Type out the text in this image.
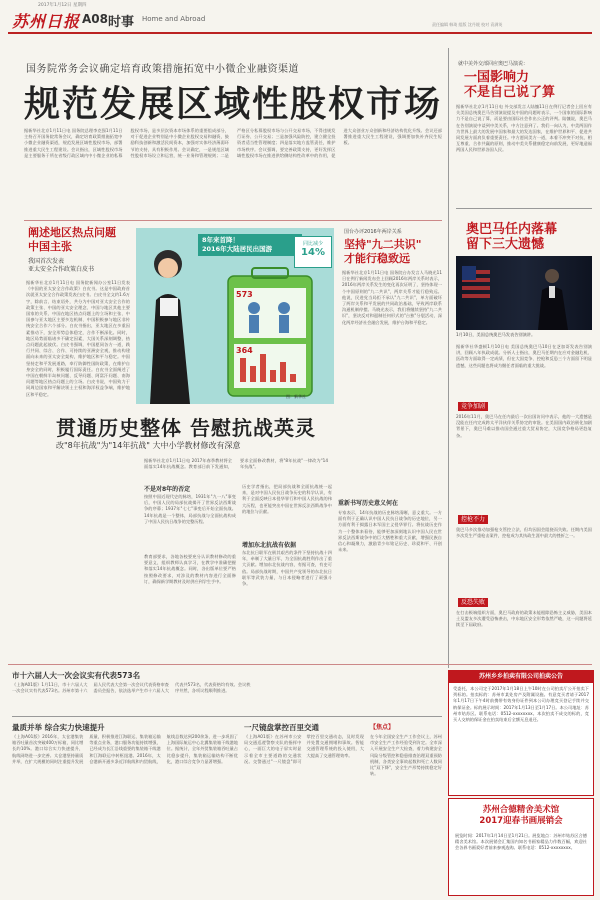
2017年1月12日 星期四
苏州日报 A08 时事 Home and Abroad
责任编辑 韩琦 组版 沈丹媛 校对 袁满英
国务院常务会议确定培育政策措施拓宽中小微企业融资渠道
规范发展区域性股权市场
据新华社北京1月11日电 国务院总理李克强1月11日主持召开国务院常务会议，确定培育政策措施拓宽中小微企业融资渠道，规范发展区域性股权市场，部署推进重大民生工程建设。会议指出，区域性股权市场是主要服务于所在省级行政区域内中小微企业的私募股权市场，是多层次资本市场体系的重要组成部分，对于促进企业特别是中小微企业股权交易和融资，鼓励科技创新和激活民间资本，加强对实体经济薄弱环节的支持，具有积极作用。会议确定，一是规范区域性股权市场设立和运营，统一业务和管理规则；二是严格区分私募股权市场与公开交易市场，不得违规发行证券、公开交易；三是加强风险防控，建立健全投资者适当性管理制度；四是落实地方监管责任，维护市场秩序。会议强调，要完善政策支持，更好发挥区域性股权市场在推进供给侧结构性改革中的作用，促进大众创业万众创新和经济结构优化升级。会议还部署推进重大民生工程建设，强调要加快补齐民生短板。
就中美外交部回应奥巴马演说：
一国影响力
不是自己说了算
据新华社北京1月11日电 外交部发言人陆慷11日在例行记者会上回应有关美国总统奥巴马告别演说提及中国的问题时表示，一个国家的国际影响力不是自己说了算，而是要由国际社会作出公正的评判。陆慷说，奥巴马在告别演说中谈到中美关系，中方注意到了。我们一向认为，中美两国作为世界上最大的发展中国家和最大的发达国家，在维护世界和平、促进共同发展方面肩负着重要责任。中方愿同美方一道，本着不冲突不对抗、相互尊重、合作共赢的原则，推动中美关系健康稳定向前发展，更好地造福两国人民和世界各国人民。
奥巴马任内落幕
留下三大遗憾
1月10日，美国总统奥巴马发表告别演讲。
据新华社华盛顿1月10日电 美国总统奥巴马10日在芝加哥发表告别演讲，回顾八年执政成就。分析人士指出，奥巴马任期内在应对金融危机、医改等方面取得一定成绩，但在大国竞争、控枪和反恐三个方面留下明显遗憾，这些问题也将成为继任者面临的重大挑战。
竞争加剧
2016年11月，奥巴马在任内最后一次出国访问中表示，他的一大遗憾是没能在任内完成跨太平洋伙伴关系协定的审批。在美国国内政治极化加剧背景下，奥巴马难以推动国会通过重大贸易协定，大国竞争格局更趋复杂。
控枪不力
奥巴马多次推动加强枪支管控立法，但均因国会阻挠而失败。任期内美国多次发生严重枪击案件，控枪成为其执政生涯中最大的挫折之一。
反恐失败
在打击极端组织方面，奥巴马政府的政策未能根除恐怖主义威胁，美国本土及盟友多次遭受恐怖袭击，中东地区安全形势依然严峻，这一问题将延续至下届政府。
阐述地区热点问题
中国主张
我国首次发表
亚太安全合作政策白皮书
据新华社北京1月11日电 国务院新闻办公室11日发表《中国的亚太安全合作政策》白皮书。这是中国政府首次就亚太安全合作政策发表白皮书。白皮书全文约1.6万字，除前言、结束语外，共分为中国对亚太安全合作的政策主张、中国的亚太安全理念、中国与地区其他主要国家的关系、中国在地区热点问题上的立场和主张、中国参与亚太地区主要多边机制、中国积极参与地区非传统安全合作六个部分。白皮书指出，亚太地区在多重因素推动下，安全形势总体稳定，合作不断深化。同时，地区局势面临诸多不确定因素，大国关系深刻调整，热点问题此起彼伏。白皮书强调，中国愿同各方一道，践行共同、综合、合作、可持续的亚洲安全观，推动构建面向未来的亚太安全架构，维护地区和平与稳定。中国坚持走和平发展道路，奉行防御性国防政策，在维护自身安全的同时，积极履行国际责任。白皮书全面阐述了中国在朝鲜半岛核问题、反导问题、阿富汗问题、南海问题等地区热点问题上的立场。白皮书说，中国致力于同周边国家和平解决领土主权和海洋权益争端，维护地区和平稳定。
8年来首降！
2016年大陆居民出国游
同比减少
14%
573
364
图：新华社
国台办评2016年两岸关系
坚持"九二共识"
才能行稳致远
据新华社北京1月11日电 国务院台办发言人马晓光11日在例行新闻发布会上回顾2016年两岸关系时表示，2016年两岸关系发生的变化再次证明了，坚持体现一个中国原则的"九二共识"，两岸关系才能行稳致远。他说，民进党当局拒不承认"九二共识"，单方面破坏了两岸关系和平发展的共同政治基础，导致两岸联系沟通机制停摆。马晓光表示，我们将继续坚持"九二共识"，坚决反对和遏制任何形式的"台独"分裂活动，深化两岸经济社会融合发展，维护台海和平稳定。
贯通历史整体 告慰抗战英灵
改"8年抗战"为"14年抗战" 大中小学教材修改有深意
据新华社北京1月11日电 2017年春季教材将全面落实14年抗战概念。教育部日前下发通知，要求全面修改教材，将"8年抗战"一律改为"14年抗战"。
不是对8年的否定
按照中国近现代史的脉络，1931年"九一八"事变后，中国人民的局部抗战揭开了世界反法西斯战争的序幕；1937年"七七"事变后开始全面抗战。14年抗战是一个整体，局部抗战与全面抗战构成了中国人民抗日战争的完整历程。
历史学者指出，把局部抗战和全面抗战统一起来，是对中国人民抗日战争历史的科学认识，有利于全面反映日本侵华罪行和中国人民抗战的伟大历程，也更能突出中国在世界反法西斯战争中的地位与贡献。
增加东北抗战有依据
东北抗日联军在极其艰苦的条件下坚持抗战十四年，牵制了大量日军，为全国抗战胜利作出了重大贡献。增加东北抗战内容，有据可查，有史可依。局部抗战时期，中国共产党领导的东北抗日联军等武装力量，与日本侵略者进行了顽强斗争。
教育部要求，各地各校要充分认识教材修改的重要意义，组织教师认真学习，在教学中准确把握和落实14年抗战概念。同时，各出版单位要严格按照修改要求，对涉及的教材内容进行全面修订，确保新学期教材及时供应到学生手中。
重新书写历史意义何在
专家表示，14年抗战的历史脉络清晰，意义重大。一方面有利于正确认识中国人民抗日战争的历史地位，另一方面有利于揭露日本军国主义侵华罪行。将抗战历史作为一个整体来看待，能够更加深刻地认识中国人民在世界反法西斯战争中的巨大牺牲和重大贡献，增强民族自信心和凝聚力，激励青少年铭记历史、珍爱和平、开创未来。
市十六届人大一次会议实有代表573名
《上海A01版》1月11日，市十六届人大一次会议实有代表573名。苏州市第十六届人民代表大会第一次会议代表资格审查委员会报告，依法选举产生市十六届人大代表共573名，代表资格均有效。会议秩序井然，各项议程顺利推进。
量质并举 综合实力快速提升
《上海A01版》2016年，太仓港集装箱吞吐量首次突破400万标箱，同比增长约10%。港口综合实力快速提升，航线网络进一步完善。太仓港坚持量质并举，在扩大规模的同时注重提升发展质量，积极推进江海联运、集装箱运输等重点业务，港口服务功能持续增强，已经成为长江沿线重要的集装箱干线港和江海联运中转枢纽港。2016年，太仓港新开通多条近洋航线和内贸航线，航线总数达到200余条，进一步巩固了上海国际航运中心北翼集装箱干线港地位。据统计，全年外贸集装箱吞吐量占比稳步提升，集装箱运输结构不断优化，港口综合竞争力显著增强。
一尺镜盘掌控百里交通
《上海A01版》在苏州市公安局交通巡逻警察支队的指挥中心，一面巨大的电子屏实时显示着全市主要道路的交通状况。交警通过"一尺镜盘"即可掌控百里交通动态，及时发现并处置交通拥堵和事故。智能交通管理系统的投入使用，大大提高了交通管理效率。
【焦点】
在今年全国安全生产工作会议上，苏州市安全生产工作经验受到肯定。全市深入开展安全生产大检查，着力构建安全风险分级管控和隐患排查治理双重预防机制，各类安全事故起数和死亡人数同比"双下降"，安全生产形势持续稳定好转。
苏州乡乡拍卖有限公司拍卖公告
受委托，本公司定于2017年1月18日上午10时在公司拍卖厅公开拍卖下列标的。拍卖标的：苏州市某处房产及附属设施。有意竞买者请于2017年1月17日下午4时前携带有效身份证件到本公司办理竞买登记手续并交纳保证金。标的展示时间：2017年1月13日至1月17日。本公司地址：苏州市姑苏区。联系电话：0512-xxxxxxxx。本次拍卖不成交的标的，竞买人交纳的保证金在拍卖结束后全额无息退还。
苏州合德精舍美术馆
2017迎春书画展销会
展览时间：2017年1月14日至1月21日。展览地点：苏州市姑苏区合德精舍美术馆。本次展销会汇集国内知名书画家精品力作数百幅，欢迎社会各界书画爱好者前来参观选购。联系电话：0512-xxxxxxxx。
